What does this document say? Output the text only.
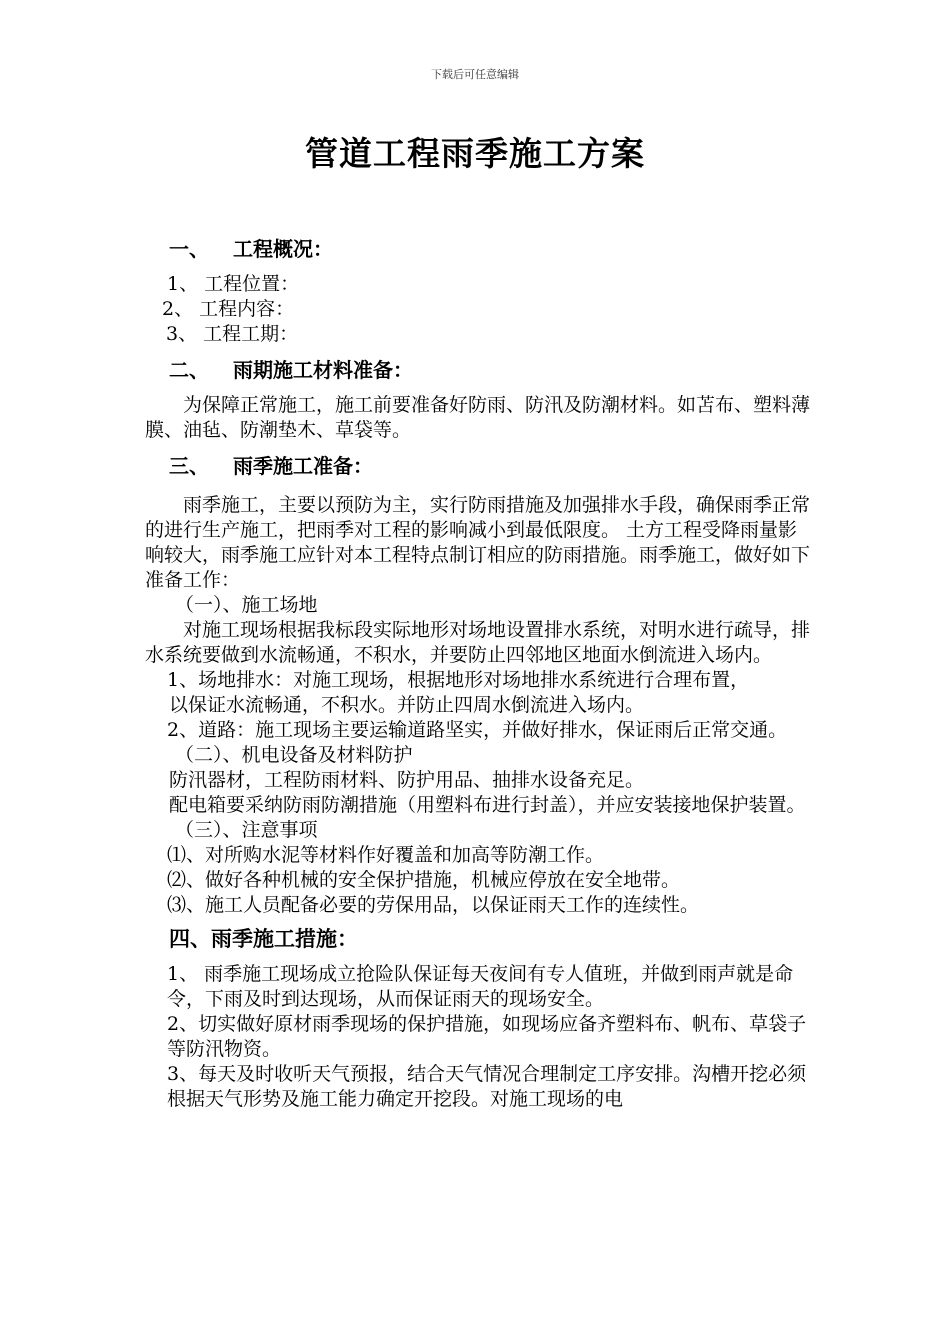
下载后可任意编辑
管道工程雨季施工方案
一、 工程概况：

1、 工程位置：

2、 工程内容：

3、 工程工期：

二、 雨期施工材料准备：

为保障正常施工，施工前要准备好防雨、防汛及防潮材料。如苫布、塑料薄膜、油毡、防潮垫木、草袋等。

三、 雨季施工准备：

雨季施工，主要以预防为主，实行防雨措施及加强排水手段，确保雨季正常的进行生产施工，把雨季对工程的影响减小到最低限度。 土方工程受降雨量影响较大，雨季施工应针对本工程特点制订相应的防雨措施。雨季施工，做好如下准备工作：

（一）、施工场地

对施工现场根据我标段实际地形对场地设置排水系统，对明水进行疏导，排水系统要做到水流畅通，不积水，并要防止四邻地区地面水倒流进入场内。

1、场地排水：对施工现场，根据地形对场地排水系统进行合理布置，

以保证水流畅通，不积水。并防止四周水倒流进入场内。

2、道路：施工现场主要运输道路坚实，并做好排水，保证雨后正常交通。

（二）、机电设备及材料防护

防汛器材，工程防雨材料、防护用品、抽排水设备充足。

配电箱要采纳防雨防潮措施（用塑料布进行封盖），并应安装接地保护装置。

（三）、注意事项

⑴、对所购水泥等材料作好覆盖和加高等防潮工作。

⑵、做好各种机械的安全保护措施，机械应停放在安全地带。

⑶、施工人员配备必要的劳保用品，以保证雨天工作的连续性。

四、雨季施工措施：

1、 雨季施工现场成立抢险队保证每天夜间有专人值班，并做到雨声就是命令，下雨及时到达现场，从而保证雨天的现场安全。

2、切实做好原材雨季现场的保护措施，如现场应备齐塑料布、帆布、草袋子等防汛物资。

3、每天及时收听天气预报，结合天气情况合理制定工序安排。沟槽开挖必须根据天气形势及施工能力确定开挖段。对施工现场的电
